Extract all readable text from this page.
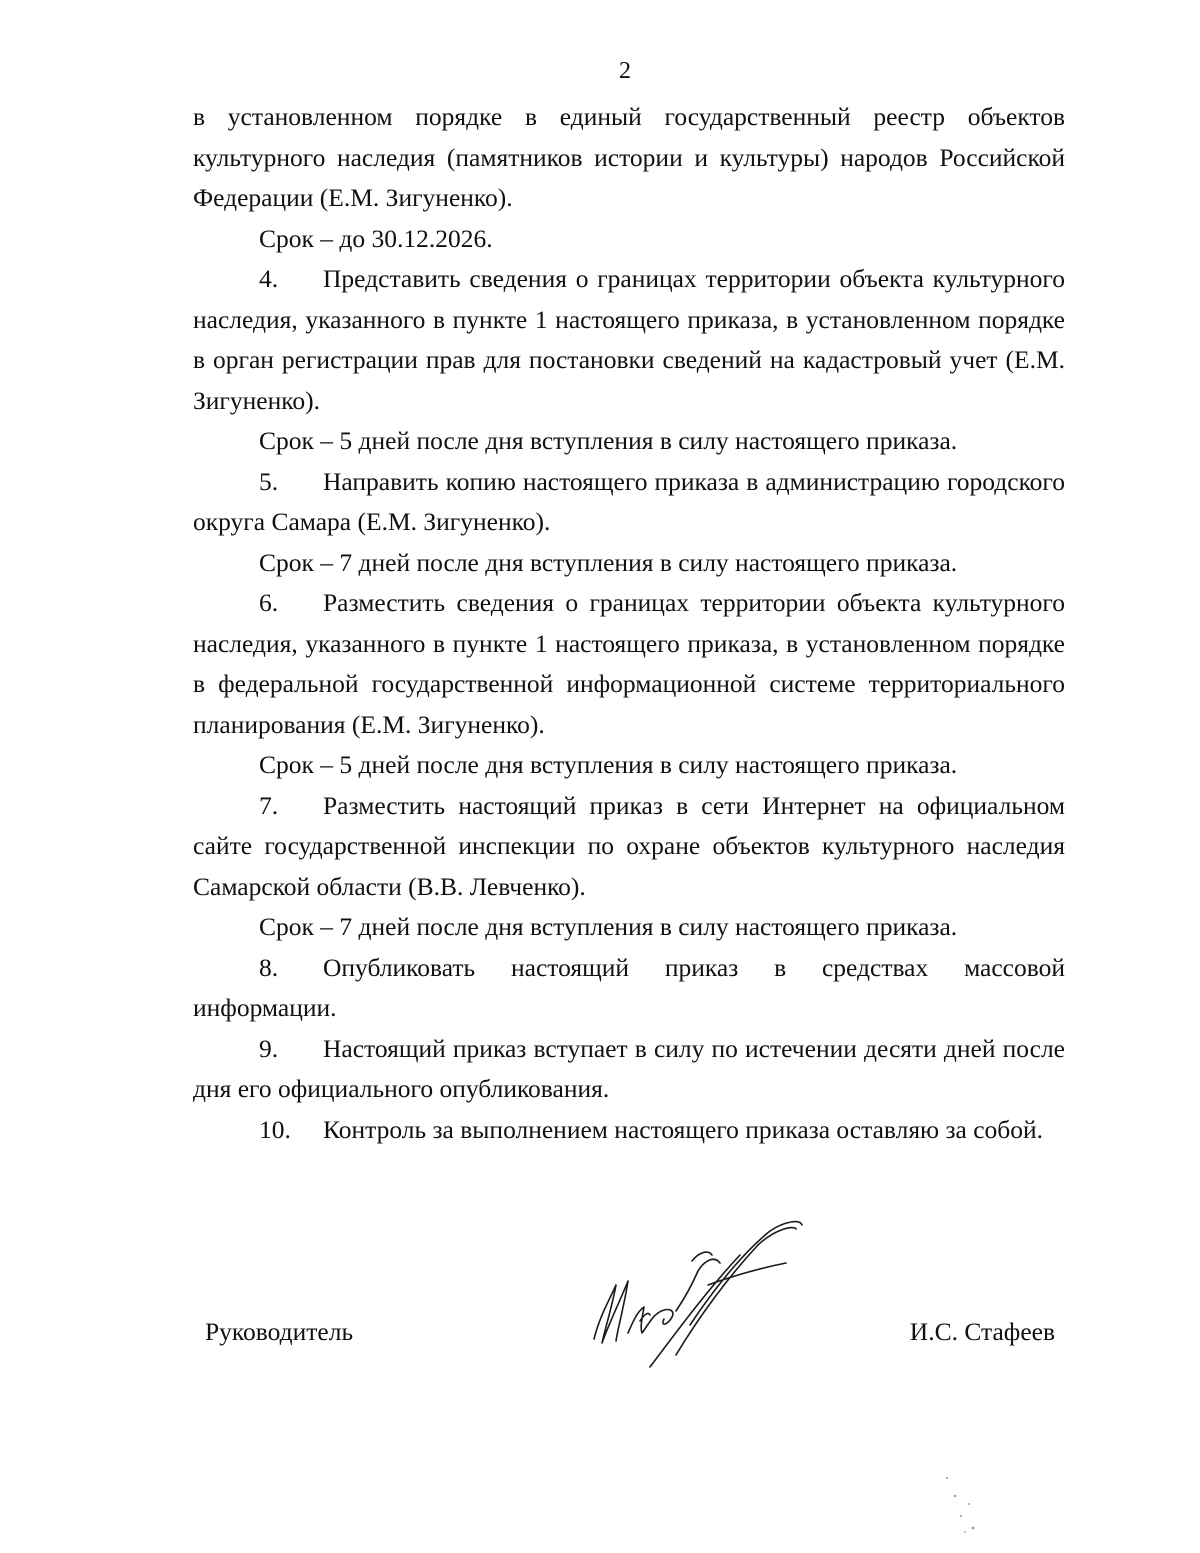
2

в установленном порядке в единый государственный реестр объектов культурного наследия (памятников истории и культуры) народов Российской Федерации (Е.М. Зигуненко).

Срок – до 30.12.2026.

4. Представить сведения о границах территории объекта культурного наследия, указанного в пункте 1 настоящего приказа, в установленном порядке в орган регистрации прав для постановки сведений на кадастровый учет (Е.М. Зигуненко).

Срок – 5 дней после дня вступления в силу настоящего приказа.

5. Направить копию настоящего приказа в администрацию городского округа Самара (Е.М. Зигуненко).

Срок – 7 дней после дня вступления в силу настоящего приказа.

6. Разместить сведения о границах территории объекта культурного наследия, указанного в пункте 1 настоящего приказа, в установленном порядке в федеральной государственной информационной системе территориального планирования (Е.М. Зигуненко).

Срок – 5 дней после дня вступления в силу настоящего приказа.

7. Разместить настоящий приказ в сети Интернет на официальном сайте государственной инспекции по охране объектов культурного наследия Самарской области (В.В. Левченко).

Срок – 7 дней после дня вступления в силу настоящего приказа.

8. Опубликовать настоящий приказ в средствах массовой информации.

9. Настоящий приказ вступает в силу по истечении десяти дней после дня его официального опубликования.

10. Контроль за выполнением настоящего приказа оставляю за собой.

Руководитель	И.С. Стафеев
